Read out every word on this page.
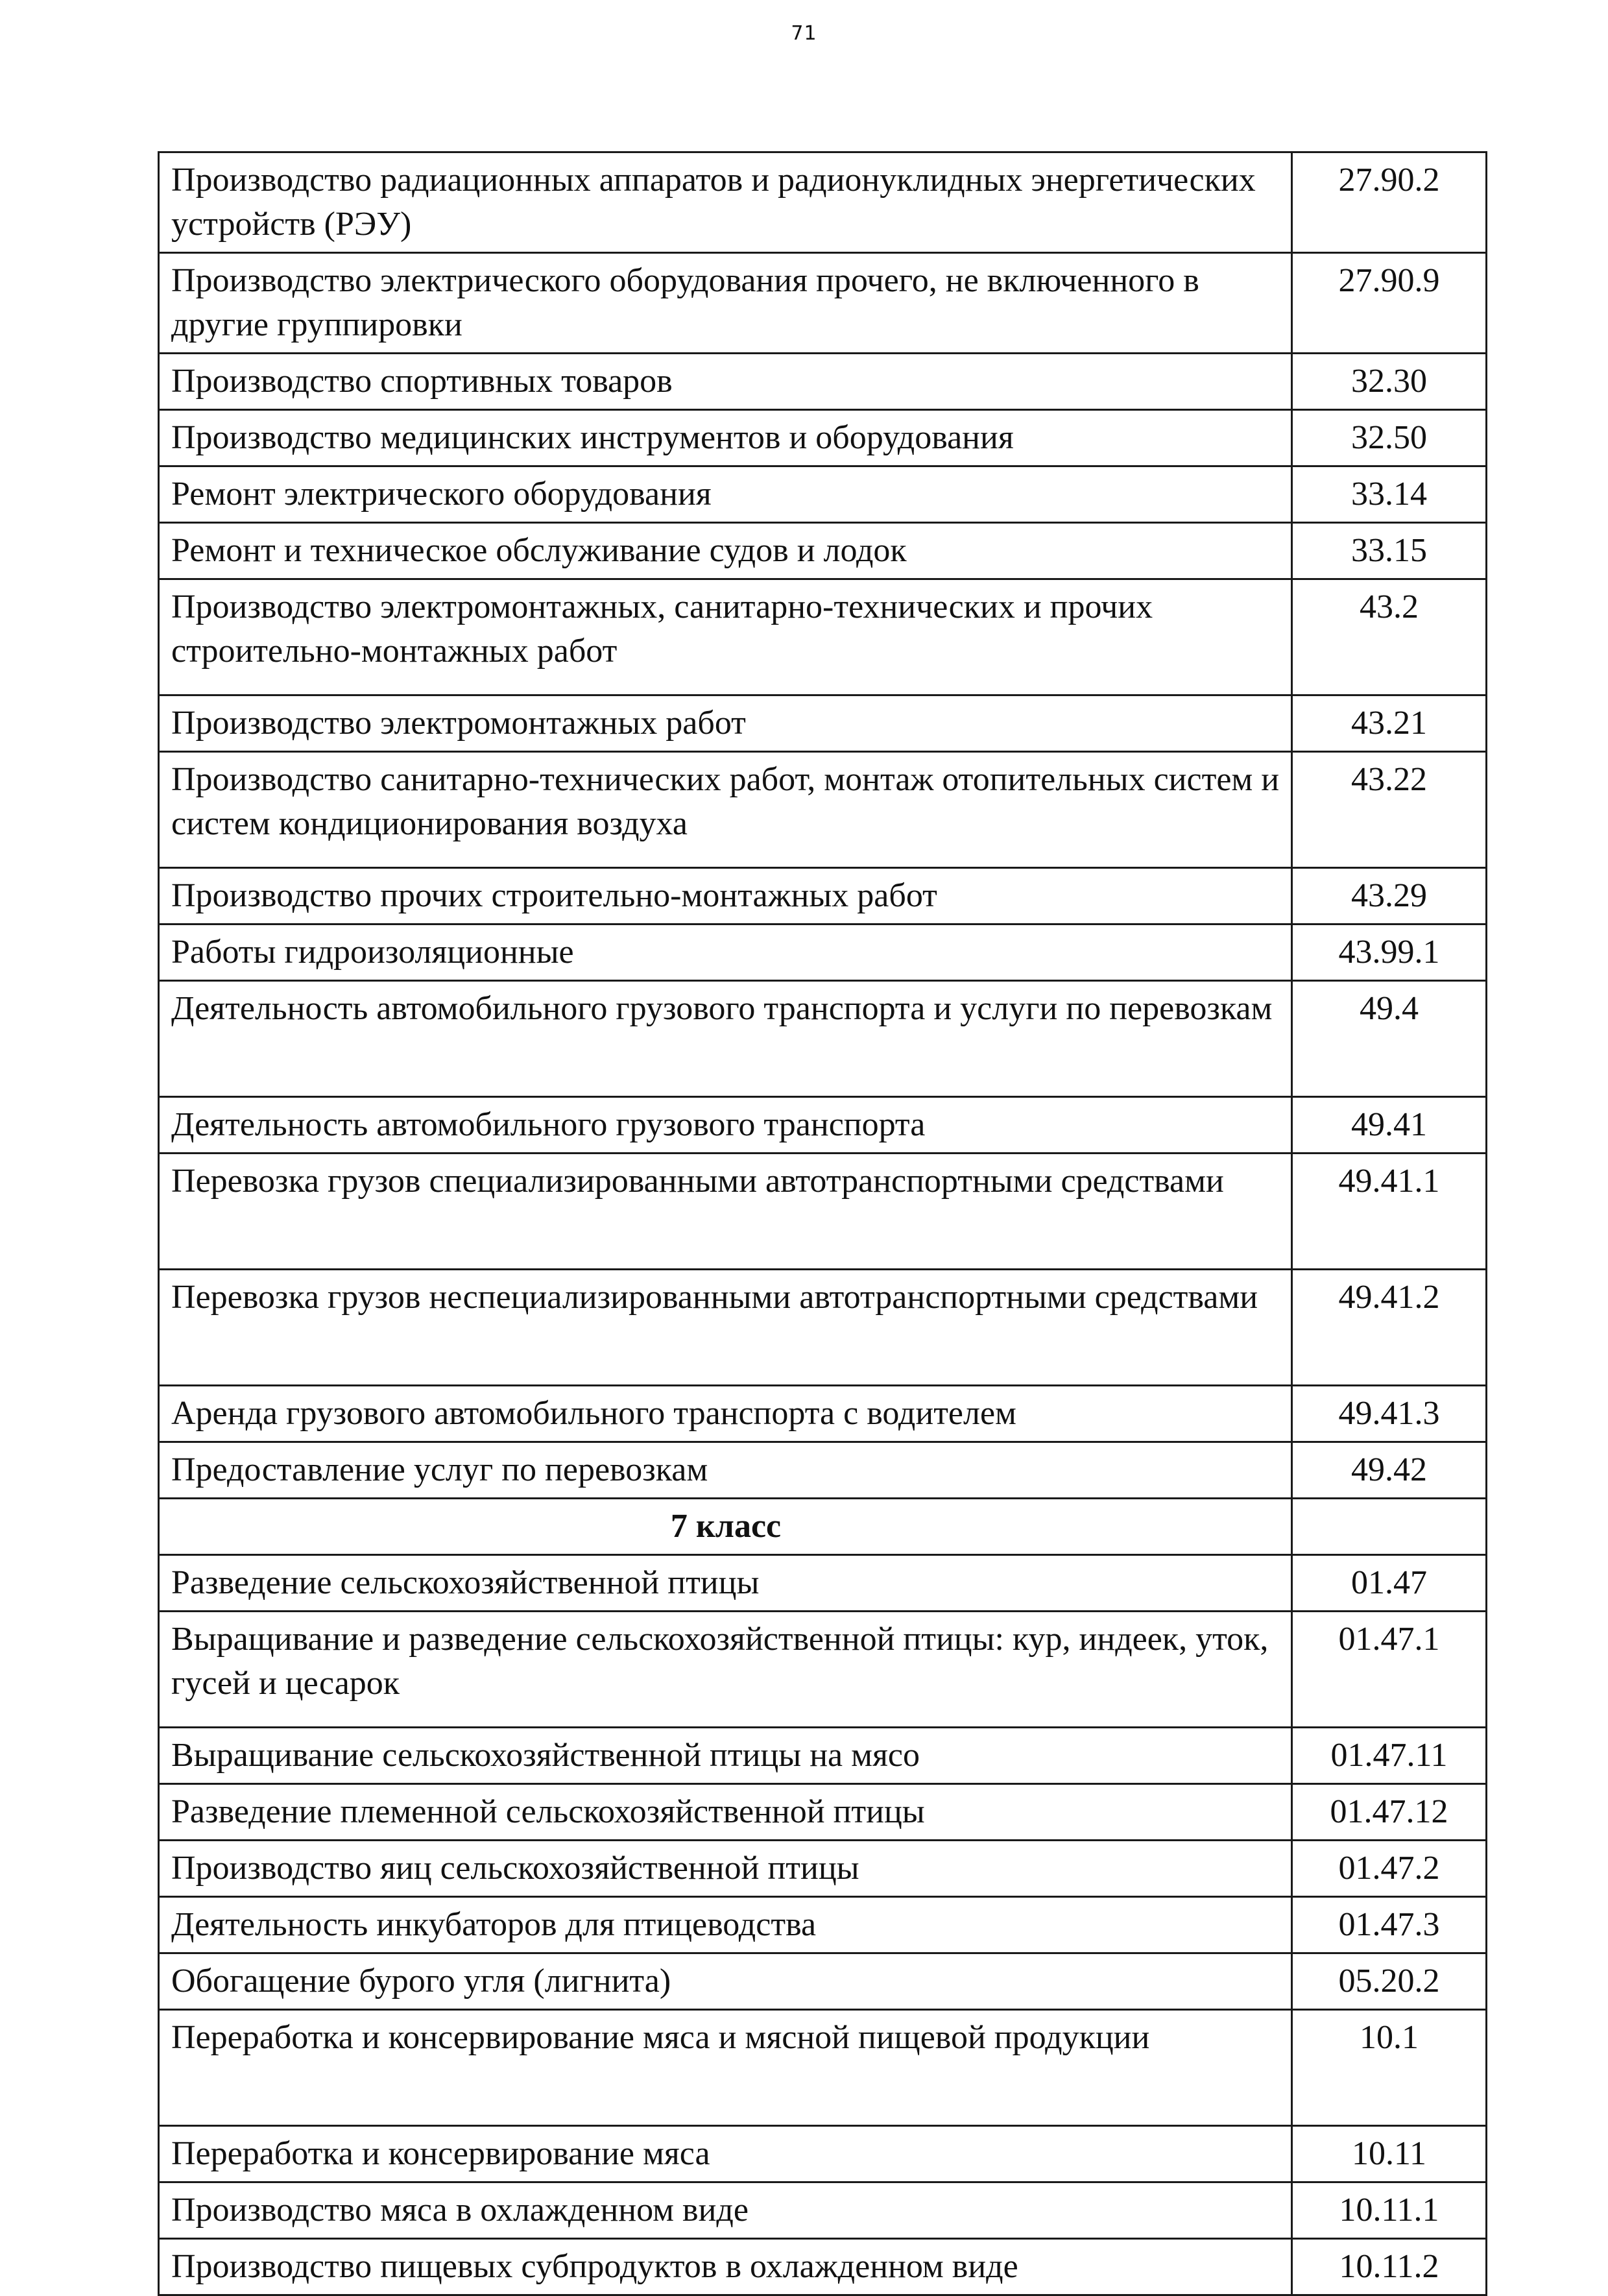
71
Производство радиационных аппаратов и радионуклидных энергетических устройств (РЭУ)	27.90.2
Производство электрического оборудования прочего, не включенного в другие группировки	27.90.9
Производство спортивных товаров	32.30
Производство медицинских инструментов и оборудования	32.50
Ремонт электрического оборудования	33.14
Ремонт и техническое обслуживание судов и лодок	33.15
Производство электромонтажных, санитарно-технических и прочих строительно-монтажных работ	43.2
Производство электромонтажных работ	43.21
Производство санитарно-технических работ, монтаж отопительных систем и систем кондиционирования воздуха	43.22
Производство прочих строительно-монтажных работ	43.29
Работы гидроизоляционные	43.99.1
Деятельность автомобильного грузового транспорта и услуги по перевозкам	49.4
Деятельность автомобильного грузового транспорта	49.41
Перевозка грузов специализированными автотранспортными средствами	49.41.1
Перевозка грузов неспециализированными автотранспортными средствами	49.41.2
Аренда грузового автомобильного транспорта с водителем	49.41.3
Предоставление услуг по перевозкам	49.42
7 класс	
Разведение сельскохозяйственной птицы	01.47
Выращивание и разведение сельскохозяйственной птицы: кур, индеек, уток, гусей и цесарок	01.47.1
Выращивание сельскохозяйственной птицы на мясо	01.47.11
Разведение племенной сельскохозяйственной птицы	01.47.12
Производство яиц сельскохозяйственной птицы	01.47.2
Деятельность инкубаторов для птицеводства	01.47.3
Обогащение бурого угля (лигнита)	05.20.2
Переработка и консервирование мяса и мясной пищевой продукции	10.1
Переработка и консервирование мяса	10.11
Производство мяса в охлажденном виде	10.11.1
Производство пищевых субпродуктов в охлажденном виде	10.11.2
